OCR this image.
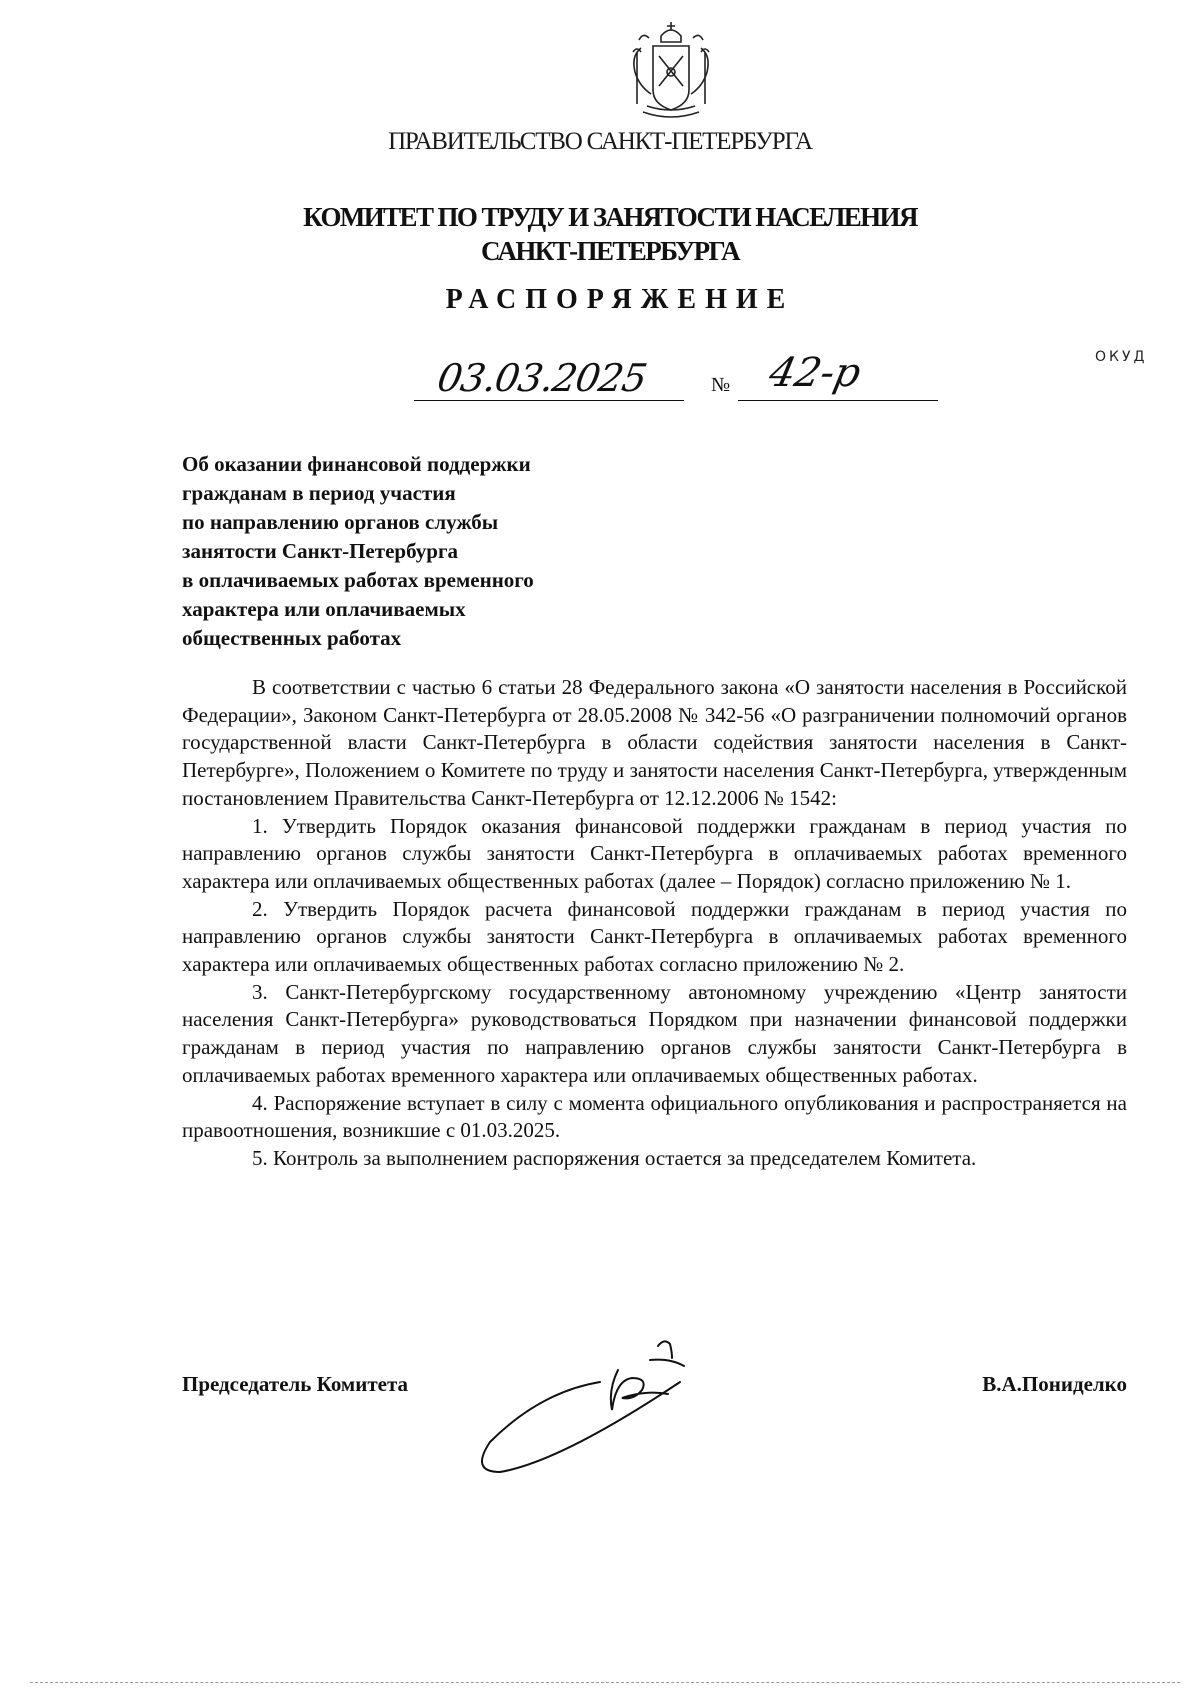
ПРАВИТЕЛЬСТВО САНКТ-ПЕТЕРБУРГА
КОМИТЕТ ПО ТРУДУ И ЗАНЯТОСТИ НАСЕЛЕНИЯ
САНКТ-ПЕТЕРБУРГА
РАСПОРЯЖЕНИЕ
ОКУД
03.03.2025	№ 42-р
Об оказании финансовой поддержки
гражданам в период участия
по направлению органов службы
занятости Санкт-Петербурга
в оплачиваемых работах временного
характера или оплачиваемых
общественных работах

В соответствии с частью 6 статьи 28 Федерального закона «О занятости населения в Российской Федерации», Законом Санкт-Петербурга от 28.05.2008 № 342-56 «О разграничении полномочий органов государственной власти Санкт-Петербурга в области содействия занятости населения в Санкт-Петербурге», Положением о Комитете по труду и занятости населения Санкт-Петербурга, утвержденным постановлением Правительства Санкт-Петербурга от 12.12.2006 № 1542:

1. Утвердить Порядок оказания финансовой поддержки гражданам в период участия по направлению органов службы занятости Санкт-Петербурга в оплачиваемых работах временного характера или оплачиваемых общественных работах (далее – Порядок) согласно приложению № 1.

2. Утвердить Порядок расчета финансовой поддержки гражданам в период участия по направлению органов службы занятости Санкт-Петербурга в оплачиваемых работах временного характера или оплачиваемых общественных работах согласно приложению № 2.

3. Санкт-Петербургскому государственному автономному учреждению «Центр занятости населения Санкт-Петербурга» руководствоваться Порядком при назначении финансовой поддержки гражданам в период участия по направлению органов службы занятости Санкт-Петербурга в оплачиваемых работах временного характера или оплачиваемых общественных работах.

4. Распоряжение вступает в силу с момента официального опубликования и распространяется на правоотношения, возникшие с 01.03.2025.

5. Контроль за выполнением распоряжения остается за председателем Комитета.

Председатель Комитета	В.А.Пониделко
